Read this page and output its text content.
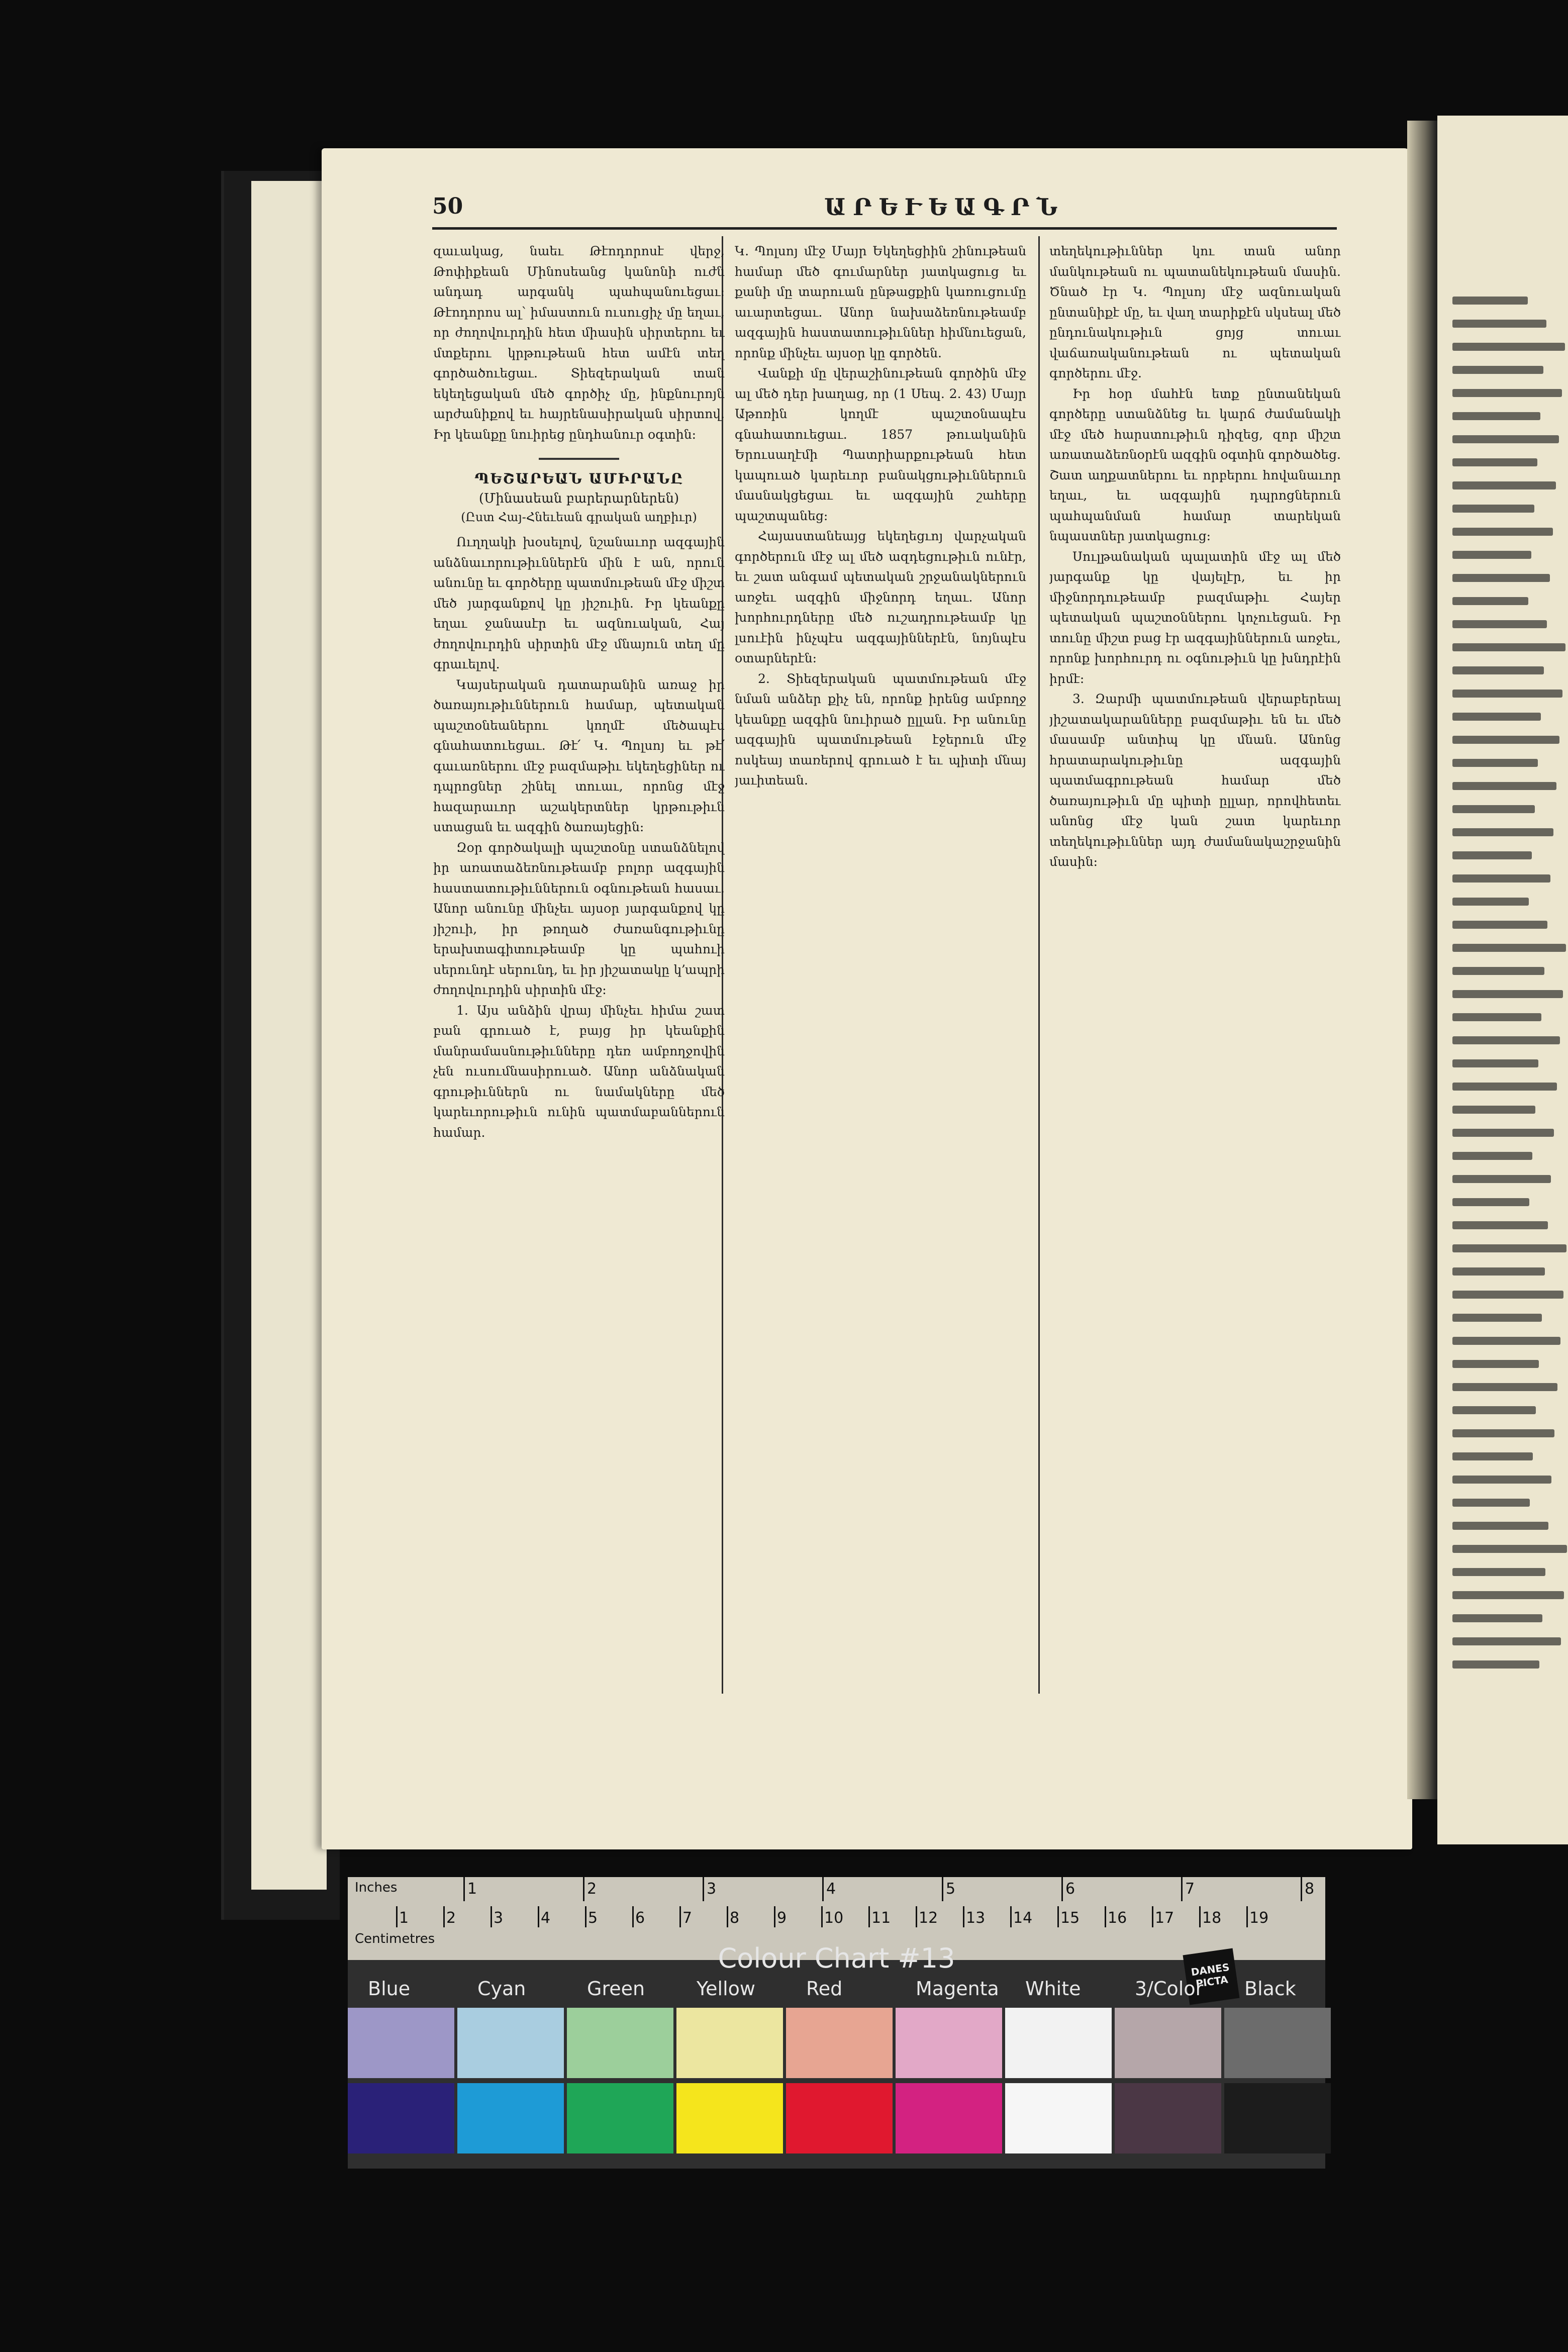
50	ԱՐԵՒԵԱԳՐՆ

զաւակաց, նաեւ Թէոդորոսէ վերջ, Թոփիքեան Մինոսեանց կանոնի ուժն անդադ արգանկ պահպանուեցաւ: Թէոդորոս ալ՝ իմաստուն ուսուցիչ մը եղաւ, որ ժողովուրդին հետ միասին սիրտերու եւ մտքերու կրթութեան հետ ամէն տեղ գործածուեցաւ. Տիեզերական տան եկեղեցական մեծ գործիչ մը, ինքնուրոյն արժանիքով եւ հայրենասիրական սիրտով. Իր կեանքը նուիրեց ընդհանուր օգտին:

ՊԵՇԱՐԵԱՆ ԱՄԻՐԱՆԸ
(Մինասեան բարերարներեն)
(Ըստ Հայ-Հնեւեան գրական աղբիւր)

Ուղղակի խօսելով, նշանաւոր ազգային անձնաւորութիւններէն մին է ան, որուն անունը եւ գործերը պատմութեան մէջ միշտ մեծ յարգանքով կը յիշուին. Իր կեանքը եղաւ ջանասէր եւ ազնուական, Հայ ժողովուրդին սիրտին մէջ մնայուն տեղ մը գրաւելով.

Կայսերական դատարանին առաջ իր ծառայութիւններուն համար, պետական պաշտօնեաներու կողմէ մեծապէս գնահատուեցաւ. Թէ՛ Կ. Պոլսոյ եւ թէ՛ գաւառներու մէջ բազմաթիւ եկեղեցիներ ու դպրոցներ շինել տուաւ, որոնց մէջ հազարաւոր աշակերտներ կրթութիւն ստացան եւ ազգին ծառայեցին:

Զօր գործակալի պաշտօնը ստանձնելով իր առատաձեռնութեամբ բոլոր ազգային հաստատութիւններուն օգնութեան հասաւ. Անոր անունը մինչեւ այսօր յարգանքով կը յիշուի, իր թողած ժառանգութիւնը երախտագիտութեամբ կը պահուի սերունդէ սերունդ, եւ իր յիշատակը կ՚ապրի ժողովուրդին սիրտին մէջ:

1. Այս անձին վրայ մինչեւ հիմա շատ բան գրուած է, բայց իր կեանքին մանրամասնութիւնները դեռ ամբողջովին չեն ուսումնասիրուած. Անոր անձնական գրութիւններն ու նամակները մեծ կարեւորութիւն ունին պատմաբաններուն համար.

Կ. Պոլսոյ մէջ Մայր Եկեղեցիին շինութեան համար մեծ գումարներ յատկացուց եւ քանի մը տարուան ընթացքին կառուցումը աւարտեցաւ. Անոր նախաձեռնութեամբ ազգային հաստատութիւններ հիմնուեցան, որոնք մինչեւ այսօր կը գործեն.

Վանքի մը վերաշինութեան գործին մէջ ալ մեծ դեր խաղաց, որ (1 Սեպ. 2. 43) Մայր Աթոռին կողմէ պաշտօնապէս գնահատուեցաւ. 1857 թուականին Երուսաղէմի Պատրիարքութեան հետ կապուած կարեւոր բանակցութիւններուն մասնակցեցաւ եւ ազգային շահերը պաշտպանեց:

Հայաստանեայց եկեղեցւոյ վարչական գործերուն մէջ ալ մեծ ազդեցութիւն ունէր, եւ շատ անգամ պետական շրջանակներուն առջեւ ազգին միջնորդ եղաւ. Անոր խորհուրդները մեծ ուշադրութեամբ կը լսուէին ինչպէս ազգայիններէն, նոյնպէս օտարներէն:

2. Տիեզերական պատմութեան մէջ նման անձեր քիչ են, որոնք իրենց ամբողջ կեանքը ազգին նուիրած ըլլան. Իր անունը ազգային պատմութեան էջերուն մէջ ոսկեայ տառերով գրուած է եւ պիտի մնայ յաւիտեան.

տեղեկութիւններ կու տան անոր մանկութեան ու պատանեկութեան մասին. Ծնած էր Կ. Պոլսոյ մէջ ազնուական ընտանիքէ մը, եւ վաղ տարիքէն սկսեալ մեծ ընդունակութիւն ցոյց տուաւ վաճառականութեան ու պետական գործերու մէջ.

Իր հօր մահէն ետք ընտանեկան գործերը ստանձնեց եւ կարճ ժամանակի մէջ մեծ հարստութիւն դիզեց, զոր միշտ առատաձեռնօրէն ազգին օգտին գործածեց. Շատ աղքատներու եւ որբերու հովանաւոր եղաւ, եւ ազգային դպրոցներուն պահպանման համար տարեկան նպաստներ յատկացուց:

Սուլթանական պալատին մէջ ալ մեծ յարգանք կը վայելէր, եւ իր միջնորդութեամբ բազմաթիւ Հայեր պետական պաշտօններու կոչուեցան. Իր տունը միշտ բաց էր ազգայիններուն առջեւ, որոնք խորհուրդ ու օգնութիւն կը խնդրէին իրմէ:

3. Զարմի պատմութեան վերաբերեալ յիշատակարանները բազմաթիւ են եւ մեծ մասամբ անտիպ կը մնան. Անոնց հրատարակութիւնը ազգային պատմագրութեան համար մեծ ծառայութիւն մը պիտի ըլլար, որովհետեւ անոնց մէջ կան շատ կարեւոր տեղեկութիւններ այդ ժամանակաշրջանին մասին:

Inches
Centimetres
1	2	3	4	5	6	7	8
1 2 3 4 5 6 7 8 9 10 11 12 13 14 15 16 17 18 19
Colour Chart #13	DANES PICTA
Blue	Cyan	Green	Yellow	Red	Magenta White	3/Color Black
